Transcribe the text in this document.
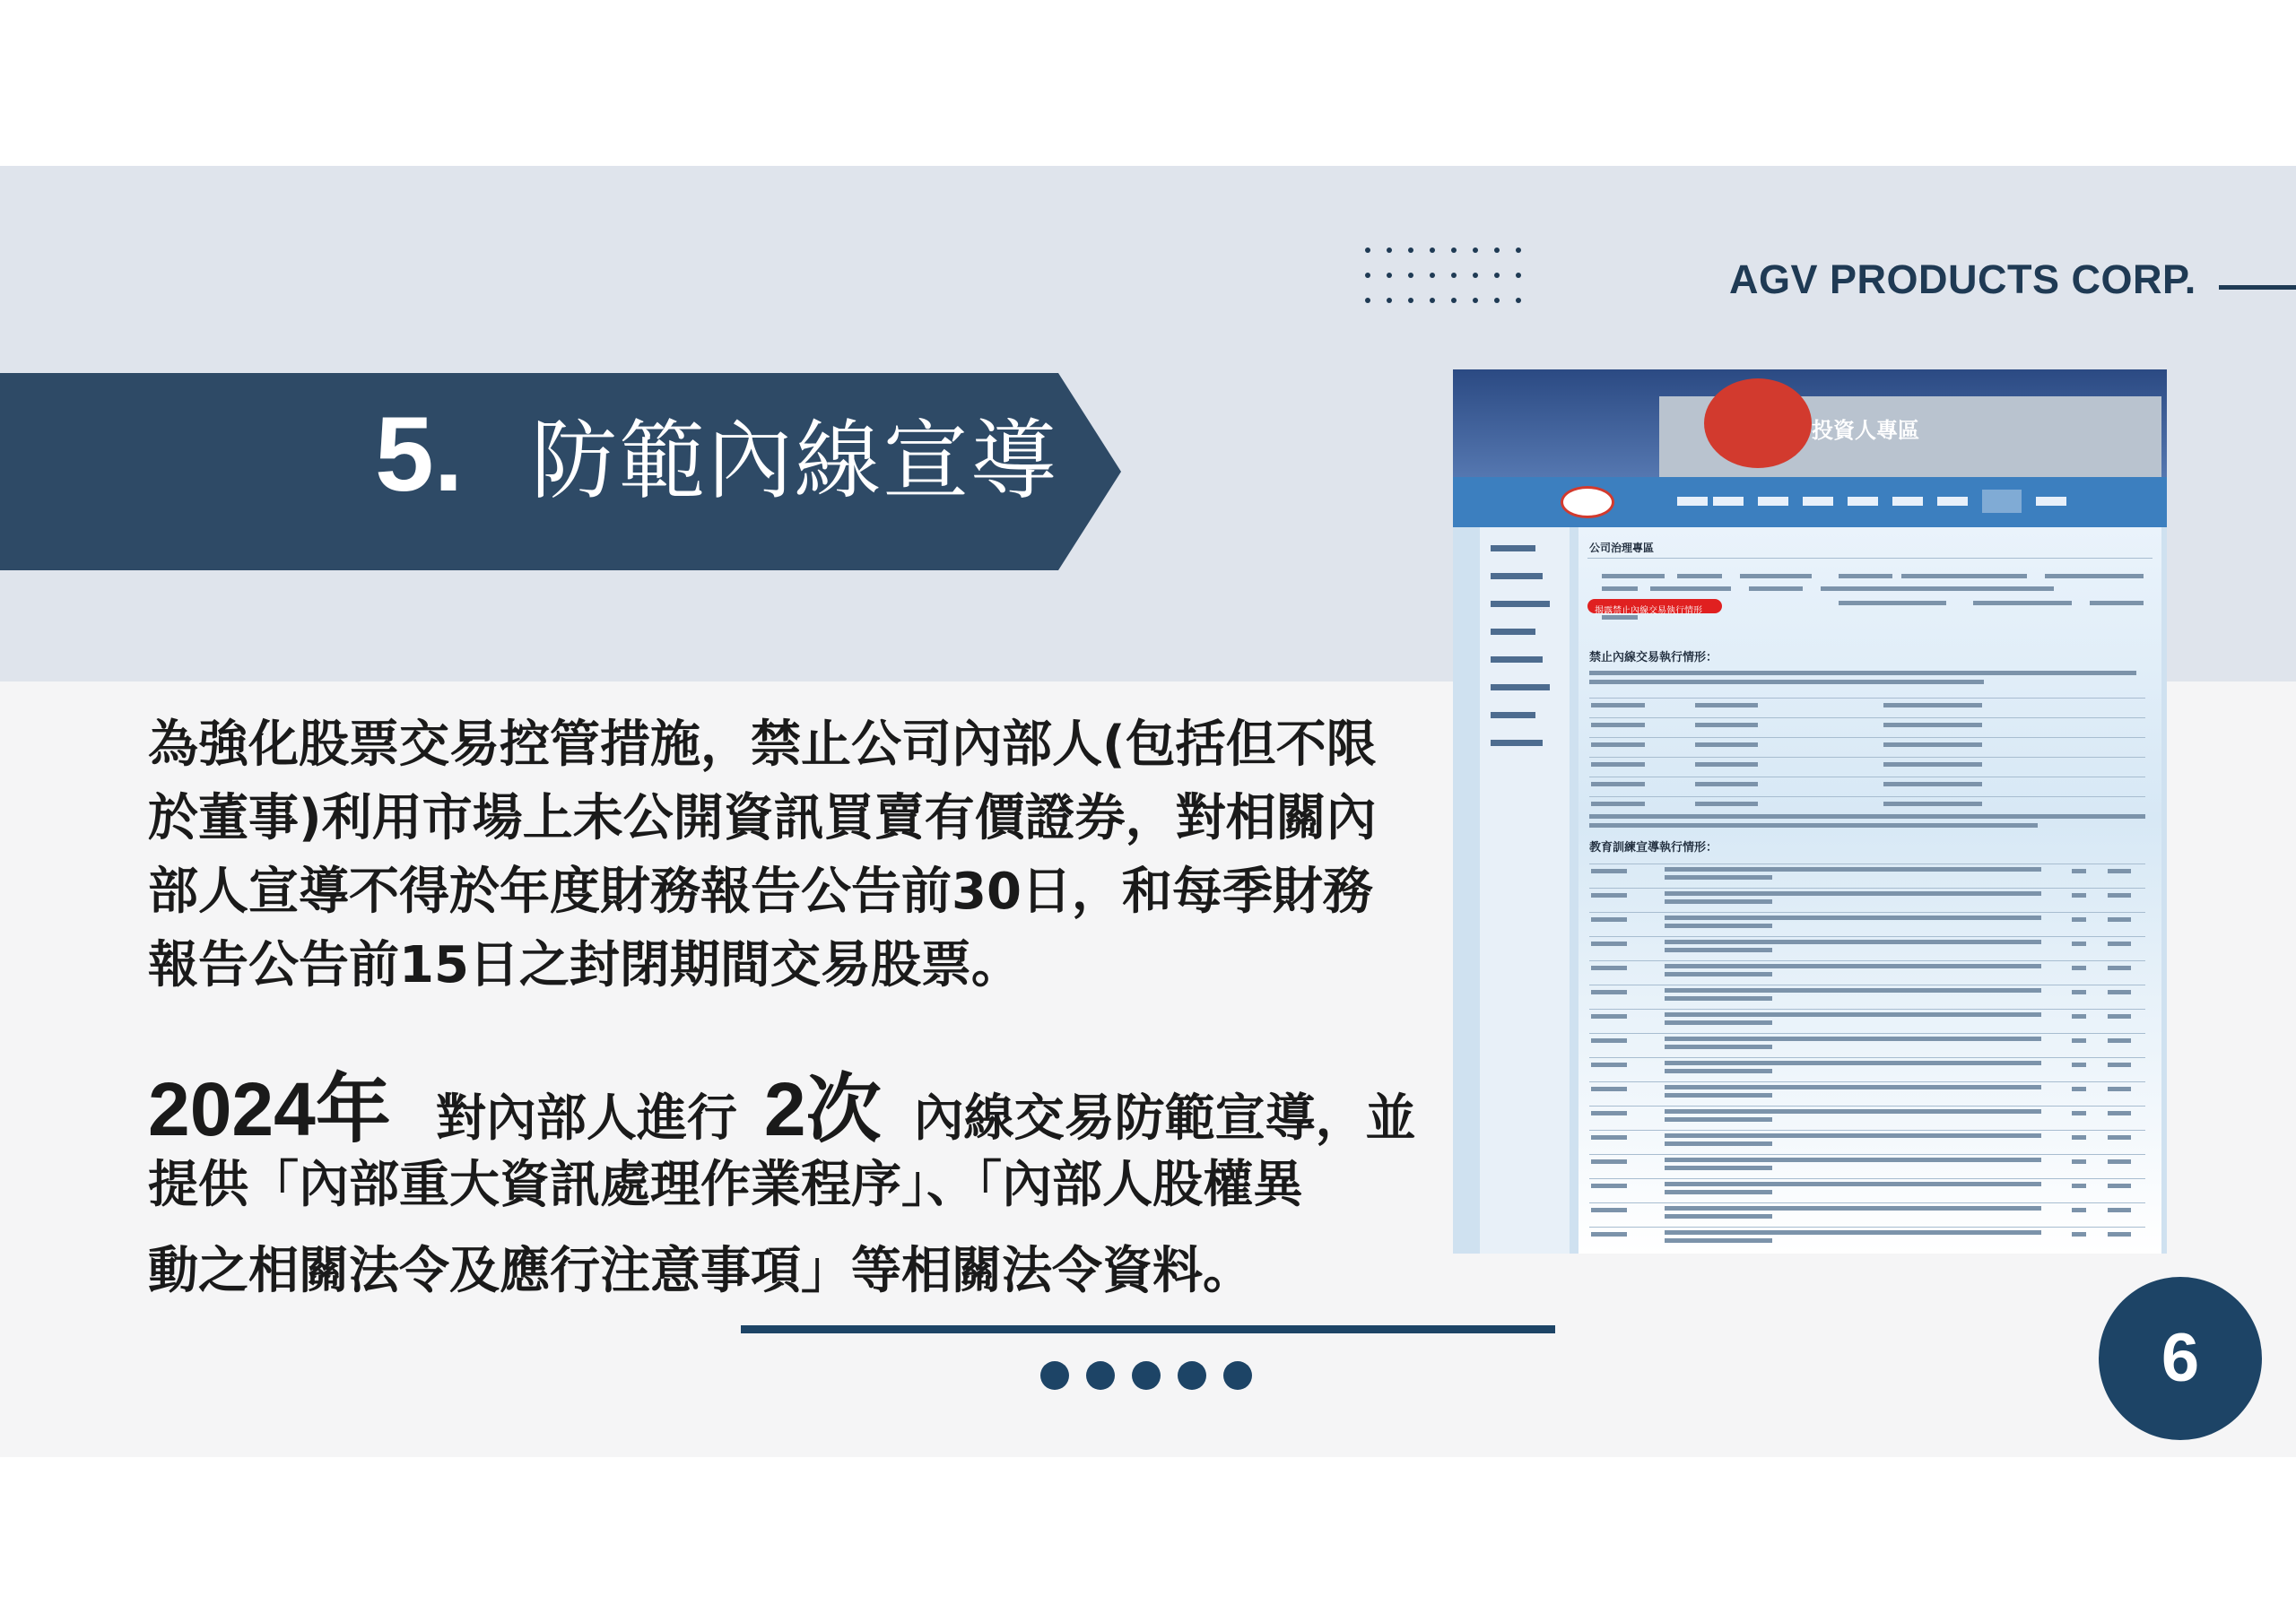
AGV PRODUCTS CORP.
5. 防範內線宣導
為強化股票交易控管措施，禁止公司內部人(包括但不限
於董事)利用市場上未公開資訊買賣有價證券，對相關內
部人宣導不得於年度財務報告公告前30日，和每季財務
報告公告前15日之封閉期間交易股票。
2024年 對內部人進行 2次 內線交易防範宣導，並
提供「內部重大資訊處理作業程序」、「內部人股權異
動之相關法令及應行注意事項」等相關法令資料。
投資人專區
公司治理專區
揭露禁止內線交易執行情形
禁止內線交易執行情形：
教育訓練宣導執行情形：
6
